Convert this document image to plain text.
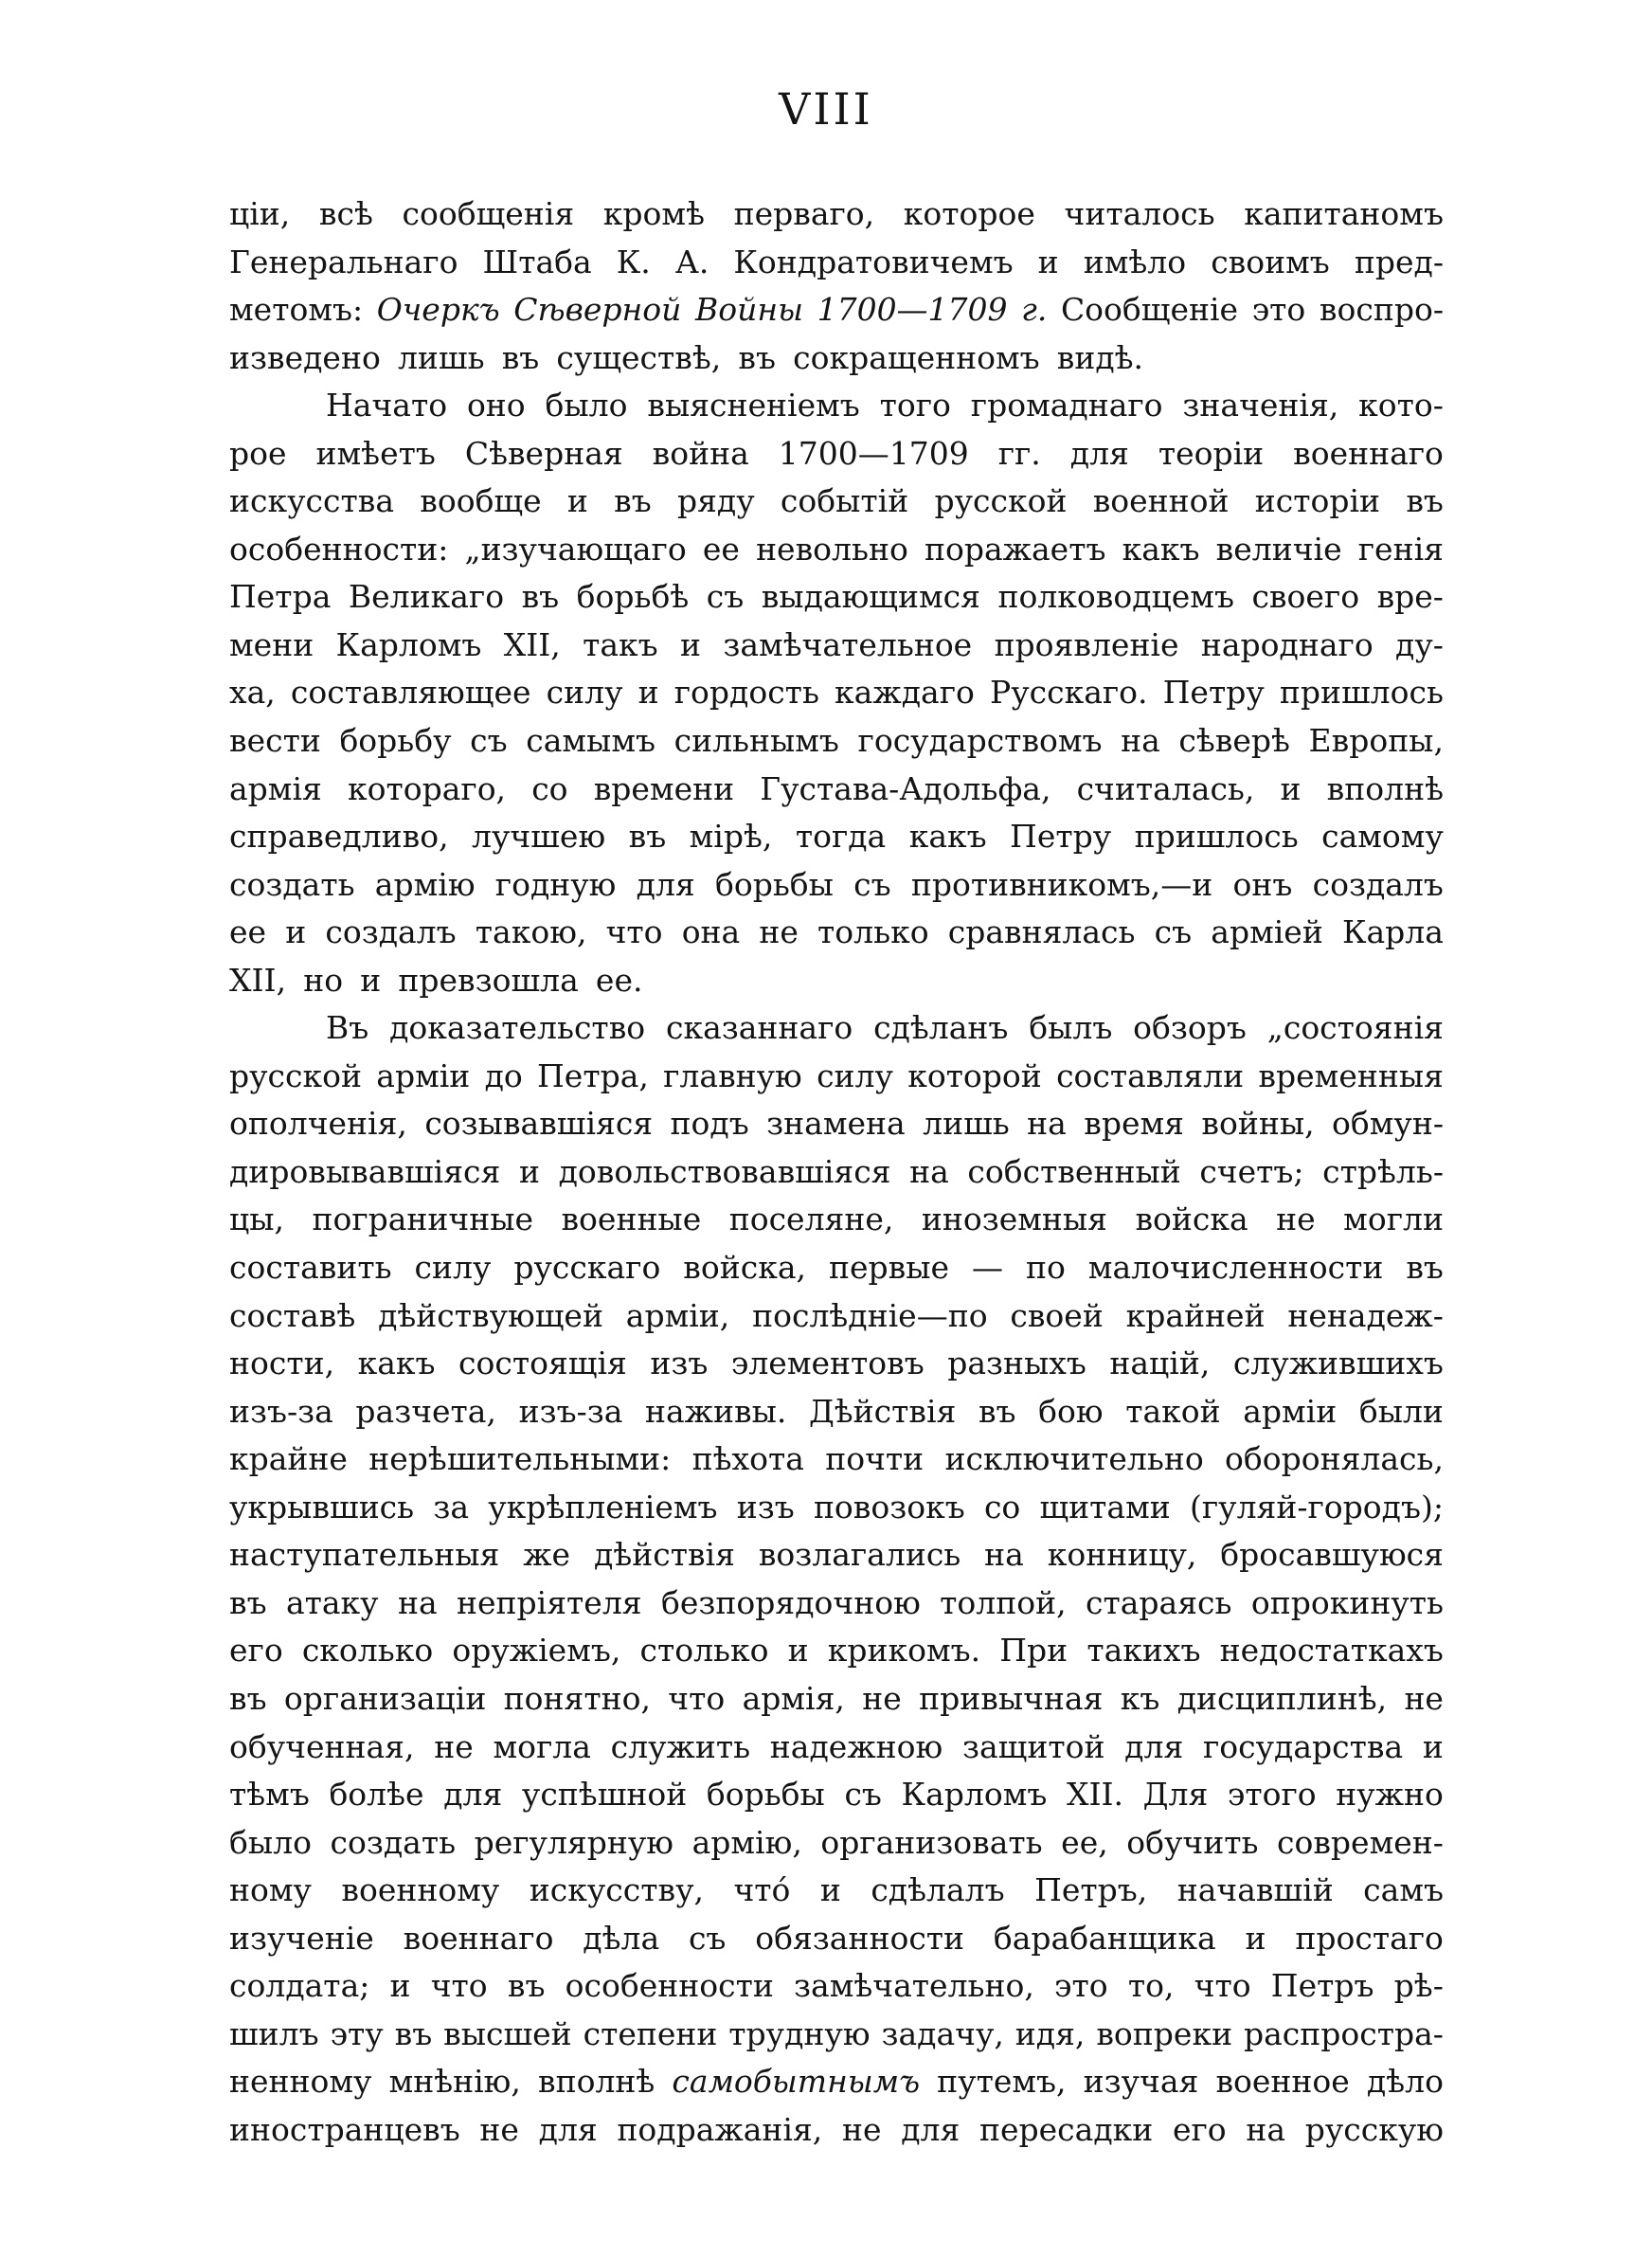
VIII
ціи, всѣ сообщенія кромѣ перваго, которое читалось капитаномъ
Генеральнаго Штаба К. А. Кондратовичемъ и имѣло своимъ пред-
метомъ: Очеркъ Сѣверной Войны 1700—1709 г. Сообщеніе это воспро-
изведено лишь въ существѣ, въ сокращенномъ видѣ.
Начато оно было выясненіемъ того громаднаго значенія, кото-
рое имѣетъ Сѣверная война 1700—1709 гг. для теоріи военнаго
искусства вообще и въ ряду событій русской военной исторіи въ
особенности: „изучающаго ее невольно поражаетъ какъ величіе генія
Петра Великаго въ борьбѣ съ выдающимся полководцемъ своего вре-
мени Карломъ XII, такъ и замѣчательное проявленіе народнаго ду-
ха, составляющее силу и гордость каждаго Русскаго. Петру пришлось
вести борьбу съ самымъ сильнымъ государствомъ на сѣверѣ Европы,
армія котораго, со времени Густава-Адольфа, считалась, и вполнѣ
справедливо, лучшею въ мірѣ, тогда какъ Петру пришлось самому
создать армію годную для борьбы съ противникомъ,—и онъ создалъ
ее и создалъ такою, что она не только сравнялась съ арміей Карла
XII, но и превзошла ее.
Въ доказательство сказаннаго сдѣланъ былъ обзоръ „состоянія
русской арміи до Петра, главную силу которой составляли временныя
ополченія, созывавшіяся подъ знамена лишь на время войны, обмун-
дировывавшіяся и довольствовавшіяся на собственный счетъ; стрѣль-
цы, пограничные военные поселяне, иноземныя войска не могли
составить силу русскаго войска, первые — по малочисленности въ
составѣ дѣйствующей арміи, послѣдніе—по своей крайней ненадеж-
ности, какъ состоящія изъ элементовъ разныхъ націй, служившихъ
изъ-за разчета, изъ-за наживы. Дѣйствія въ бою такой арміи были
крайне нерѣшительными: пѣхота почти исключительно оборонялась,
укрывшись за укрѣпленіемъ изъ повозокъ со щитами (гуляй-городъ);
наступательныя же дѣйствія возлагались на конницу, бросавшуюся
въ атаку на непріятеля безпорядочною толпой, стараясь опрокинуть
его сколько оружіемъ, столько и крикомъ. При такихъ недостаткахъ
въ организаціи понятно, что армія, не привычная къ дисциплинѣ, не
обученная, не могла служить надежною защитой для государства и
тѣмъ болѣе для успѣшной борьбы съ Карломъ XII. Для этого нужно
было создать регулярную армію, организовать ее, обучить современ-
ному военному искусству, что́ и сдѣлалъ Петръ, начавшій самъ
изученіе военнаго дѣла съ обязанности барабанщика и простаго
солдата; и что въ особенности замѣчательно, это то, что Петръ рѣ-
шилъ эту въ высшей степени трудную задачу, идя, вопреки распростра-
ненному мнѣнію, вполнѣ самобытнымъ путемъ, изучая военное дѣло
иностранцевъ не для подражанія, не для пересадки его на русскую
